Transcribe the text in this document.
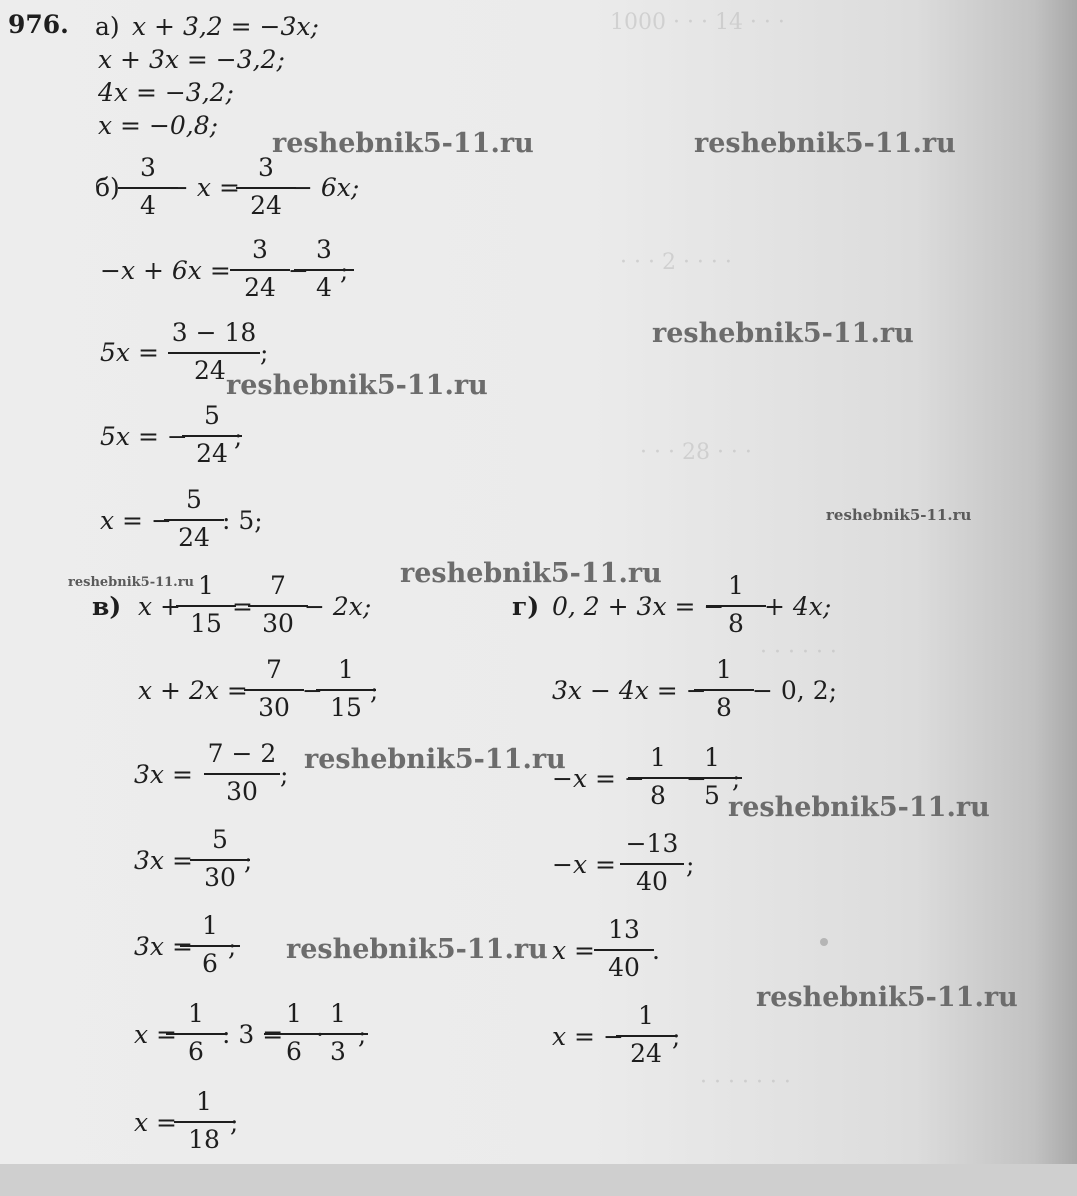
1000 · · · 14 · · ·
· · · 2 · · · ·
· · · 28 · · ·
· · · · · ·
· · · · · · ·
976. а) x + 3,2 = −3x;
x + 3x = −3,2;
4x = −3,2;
x = −0,8;
б)
3
4
− x =
3
24
− 6x;
−x + 6x =
3
24
−
3
4
;
5x =
3 − 18
24
;
5x = −
5
24
;
x = −
5
24
: 5;
в) x +
1
15
=
7
30
− 2x;
x + 2x =
7
30
−
1
15
;
3x =
7 − 2
30
;
3x =
5
30
;
3x =
1
6
;
x =
1
6
: 3 =
1
6
·
1
3
;
x =
1
18
;
г) 0, 2 + 3x = −
1
8
+ 4x;
3x − 4x = −
1
8
− 0, 2;
−x = −
1
8
−
1
5
;
−x =
−13
40
;
x =
13
40
.
x = −
1
24
;
reshebnik5-11.ru	reshebnik5-11.ru
reshebnik5-11.ru
reshebnik5-11.ru
reshebnik5-11.ru
reshebnik5-11.ru	reshebnik5-11.ru
reshebnik5-11.ru
reshebnik5-11.ru
reshebnik5-11.ru
reshebnik5-11.ru
